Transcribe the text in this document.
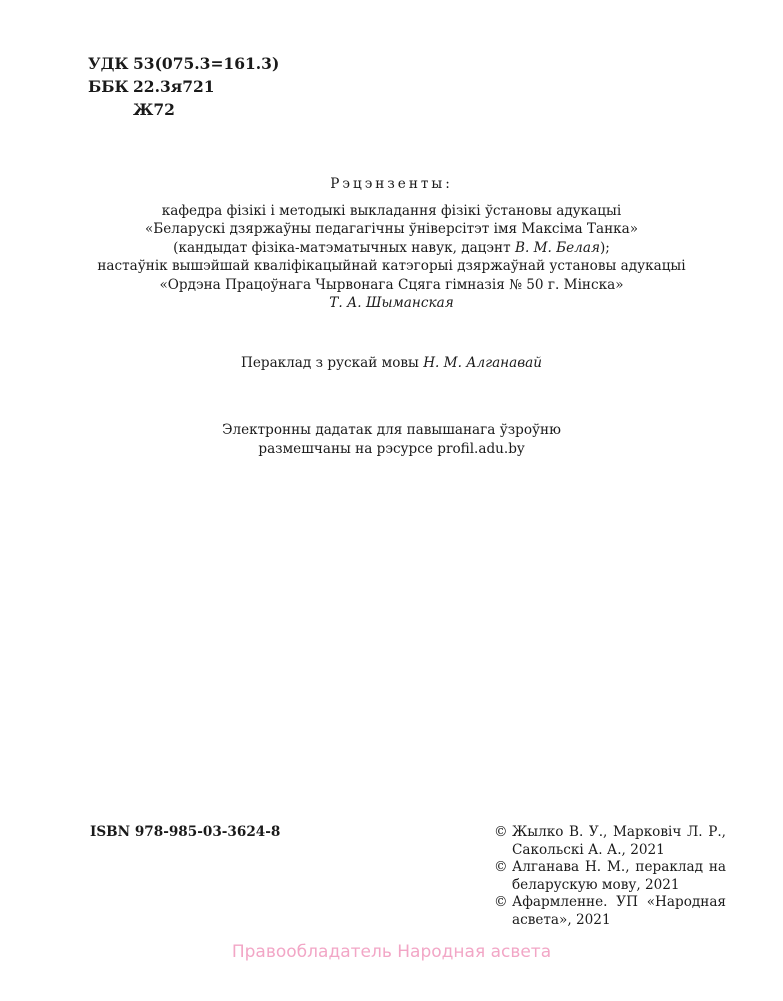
УДК 53(075.3=161.3)
ББК 22.3я721
Ж72
Рэцэнзенты:
кафедра фізікі і методыкі выкладання фізікі ўстановы адукацыі
«Беларускі дзяржаўны педагагічны ўніверсітэт імя Максіма Танка»
(кандыдат фізіка-матэматычных навук, дацэнт В. М. Белая);
настаўнік вышэйшай кваліфікацыйнай катэгорыі дзяржаўнай установы адукацыі
«Ордэна Працоўнага Чырвонага Сцяга гімназія № 50 г. Мінска»
Т. А. Шыманская
Пераклад з рускай мовы Н. М. Алганавай
Электронны дадатак для павышанага ўзроўню
размешчаны на рэсурсе profil.adu.by
ISBN 978-985-03-3624-8	© Жылко В. У., Марковіч Л. Р.,
Сакольскі А. А., 2021
© Алганава Н. М., пераклад на
беларускую мову, 2021
© Афармленне. УП «Народная
асвета», 2021
Правообладатель Народная асвета
